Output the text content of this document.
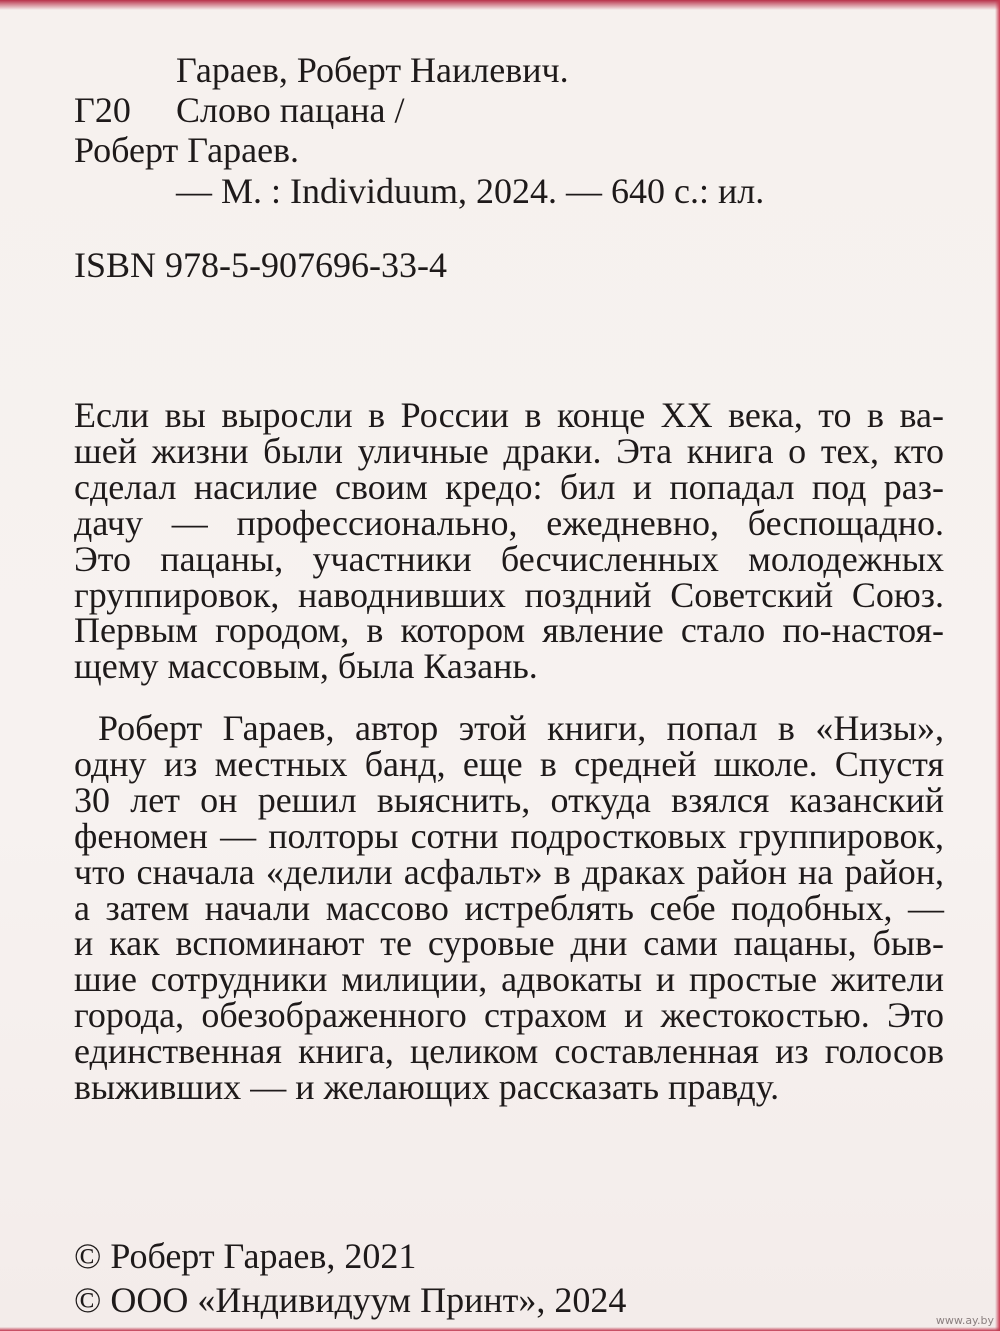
Гараев, Роберт Наилевич.
Г20 Слово пацана /
Роберт Гараев.
— М. : Individuum, 2024. — 640 с.: ил.
ISBN 978-5-907696-33-4
Если вы выросли в России в конце XX века, то в ва-
шей жизни были уличные драки. Эта книга о тех, кто
сделал насилие своим кредо: бил и попадал под раз-
дачу — профессионально, ежедневно, беспощадно.
Это пацаны, участники бесчисленных молодежных
группировок, наводнивших поздний Советский Союз.
Первым городом, в котором явление стало по-настоя-
щему массовым, была Казань.
Роберт Гараев, автор этой книги, попал в «Низы»,
одну из местных банд, еще в средней школе. Спустя
30 лет он решил выяснить, откуда взялся казанский
феномен — полторы сотни подростковых группировок,
что сначала «делили асфальт» в драках район на район,
а затем начали массово истреблять себе подобных, —
и как вспоминают те суровые дни сами пацаны, быв-
шие сотрудники милиции, адвокаты и простые жители
города, обезображенного страхом и жестокостью. Это
единственная книга, целиком составленная из голосов
выживших — и желающих рассказать правду.
© Роберт Гараев, 2021
© ООО «Индивидуум Принт», 2024
www.ay.by
